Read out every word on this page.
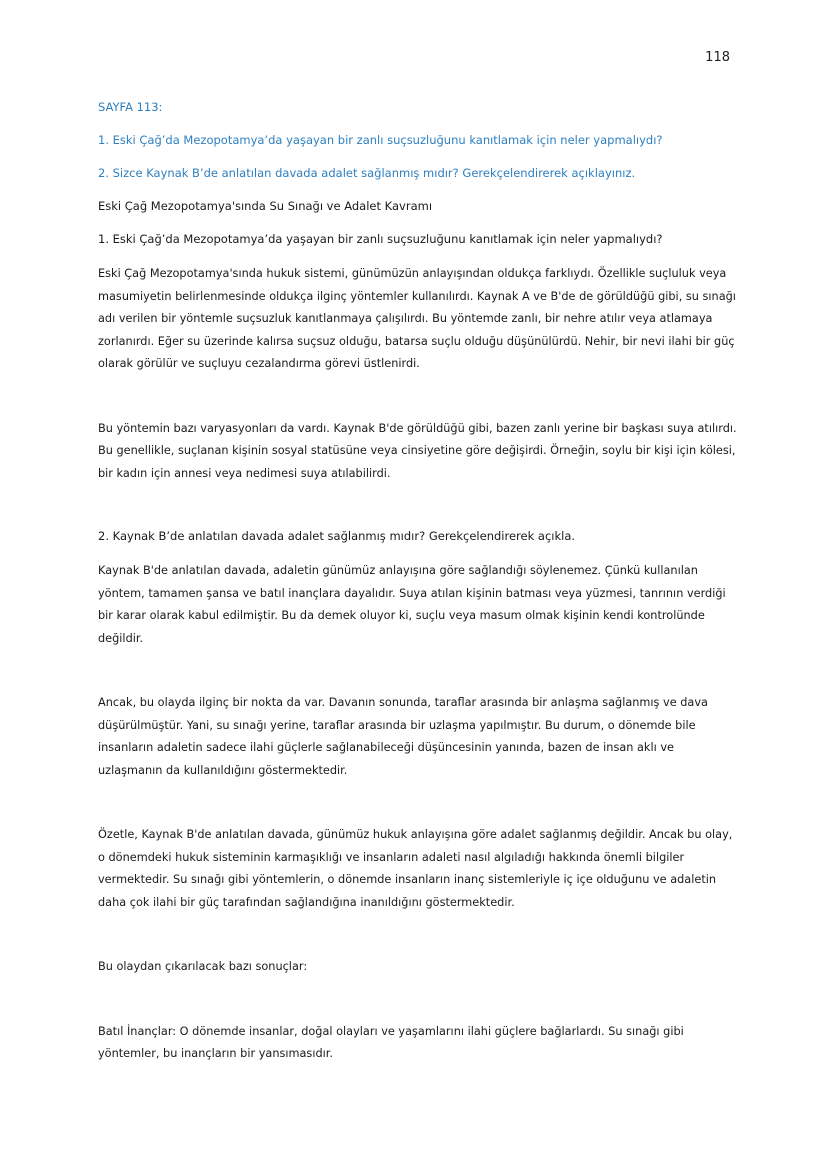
118

SAYFA 113:

1. Eski Çağ’da Mezopotamya’da yaşayan bir zanlı suçsuzluğunu kanıtlamak için neler yapmalıydı?

2. Sizce Kaynak B’de anlatılan davada adalet sağlanmış mıdır? Gerekçelendirerek açıklayınız.

Eski Çağ Mezopotamya'sında Su Sınağı ve Adalet Kavramı

1. Eski Çağ’da Mezopotamya’da yaşayan bir zanlı suçsuzluğunu kanıtlamak için neler yapmalıydı?

Eski Çağ Mezopotamya'sında hukuk sistemi, günümüzün anlayışından oldukça farklıydı. Özellikle suçluluk veya masumiyetin belirlenmesinde oldukça ilginç yöntemler kullanılırdı. Kaynak A ve B'de de görüldüğü gibi, su sınağı adı verilen bir yöntemle suçsuzluk kanıtlanmaya çalışılırdı. Bu yöntemde zanlı, bir nehre atılır veya atlamaya zorlanırdı. Eğer su üzerinde kalırsa suçsuz olduğu, batarsa suçlu olduğu düşünülürdü. Nehir, bir nevi ilahi bir güç olarak görülür ve suçluyu cezalandırma görevi üstlenirdi.

Bu yöntemin bazı varyasyonları da vardı. Kaynak B'de görüldüğü gibi, bazen zanlı yerine bir başkası suya atılırdı. Bu genellikle, suçlanan kişinin sosyal statüsüne veya cinsiyetine göre değişirdi. Örneğin, soylu bir kişi için kölesi, bir kadın için annesi veya nedimesi suya atılabilirdi.

2. Kaynak B’de anlatılan davada adalet sağlanmış mıdır? Gerekçelendirerek açıkla.

Kaynak B'de anlatılan davada, adaletin günümüz anlayışına göre sağlandığı söylenemez. Çünkü kullanılan yöntem, tamamen şansa ve batıl inançlara dayalıdır. Suya atılan kişinin batması veya yüzmesi, tanrının verdiği bir karar olarak kabul edilmiştir. Bu da demek oluyor ki, suçlu veya masum olmak kişinin kendi kontrolünde değildir.

Ancak, bu olayda ilginç bir nokta da var. Davanın sonunda, taraflar arasında bir anlaşma sağlanmış ve dava düşürülmüştür. Yani, su sınağı yerine, taraflar arasında bir uzlaşma yapılmıştır. Bu durum, o dönemde bile insanların adaletin sadece ilahi güçlerle sağlanabileceği düşüncesinin yanında, bazen de insan aklı ve uzlaşmanın da kullanıldığını göstermektedir.

Özetle, Kaynak B'de anlatılan davada, günümüz hukuk anlayışına göre adalet sağlanmış değildir. Ancak bu olay, o dönemdeki hukuk sisteminin karmaşıklığı ve insanların adaleti nasıl algıladığı hakkında önemli bilgiler vermektedir. Su sınağı gibi yöntemlerin, o dönemde insanların inanç sistemleriyle iç içe olduğunu ve adaletin daha çok ilahi bir güç tarafından sağlandığına inanıldığını göstermektedir.

Bu olaydan çıkarılacak bazı sonuçlar:

Batıl İnançlar: O dönemde insanlar, doğal olayları ve yaşamlarını ilahi güçlere bağlarlardı. Su sınağı gibi yöntemler, bu inançların bir yansımasıdır.
